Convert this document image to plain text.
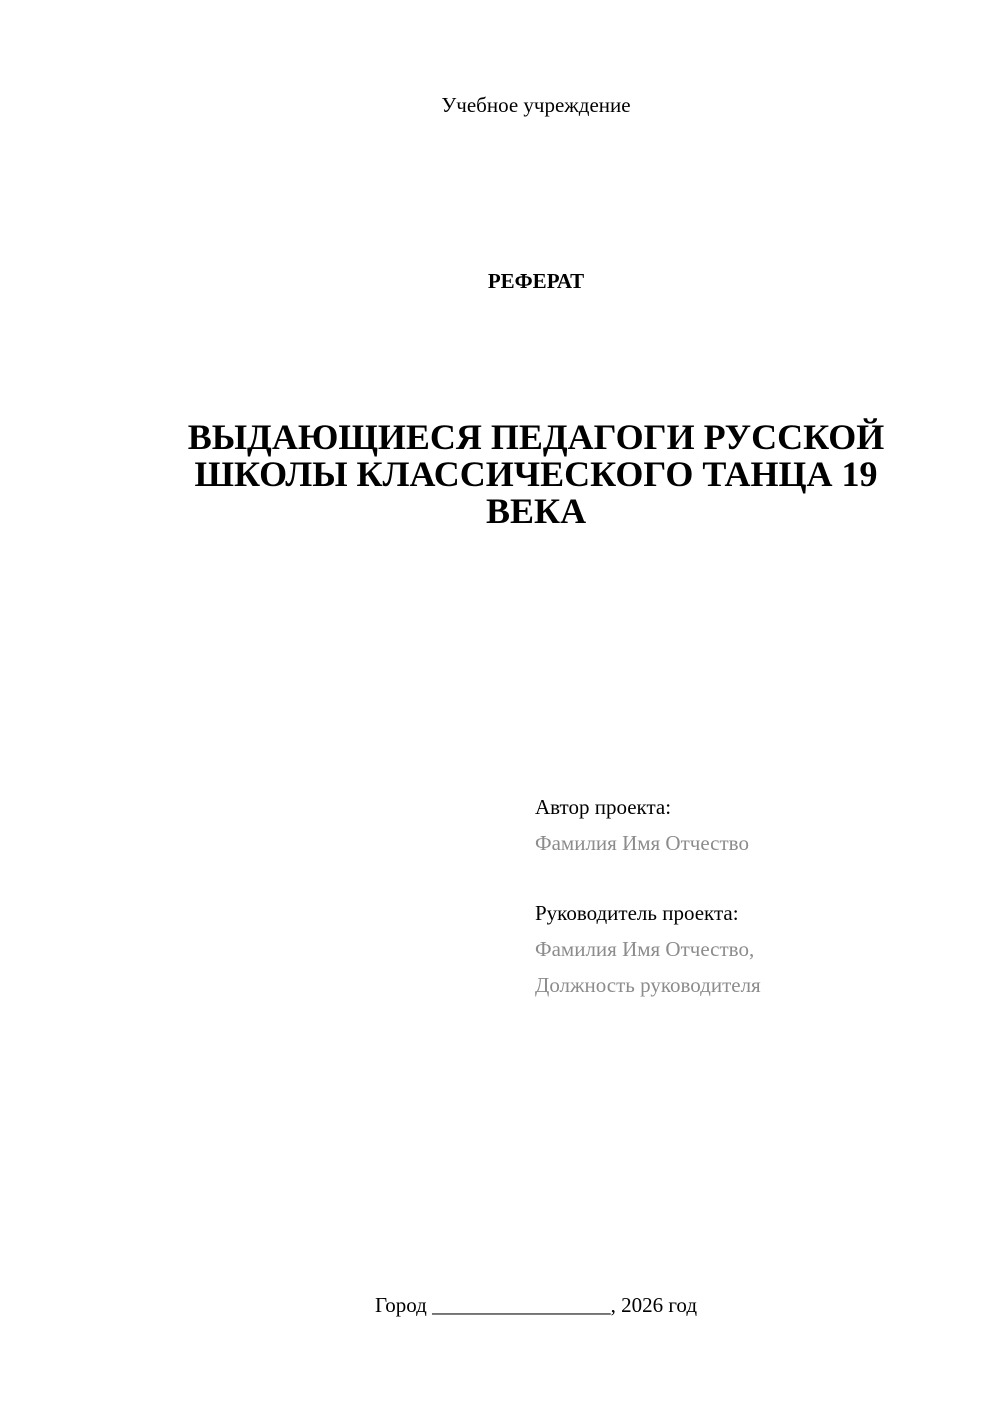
Учебное учреждение
РЕФЕРАТ
ВЫДАЮЩИЕСЯ ПЕДАГОГИ РУССКОЙ ШКОЛЫ КЛАССИЧЕСКОГО ТАНЦА 19 ВЕКА
Автор проекта:
Фамилия Имя Отчество
Руководитель проекта:
Фамилия Имя Отчество,
Должность руководителя
Город _________________, 2026 год
